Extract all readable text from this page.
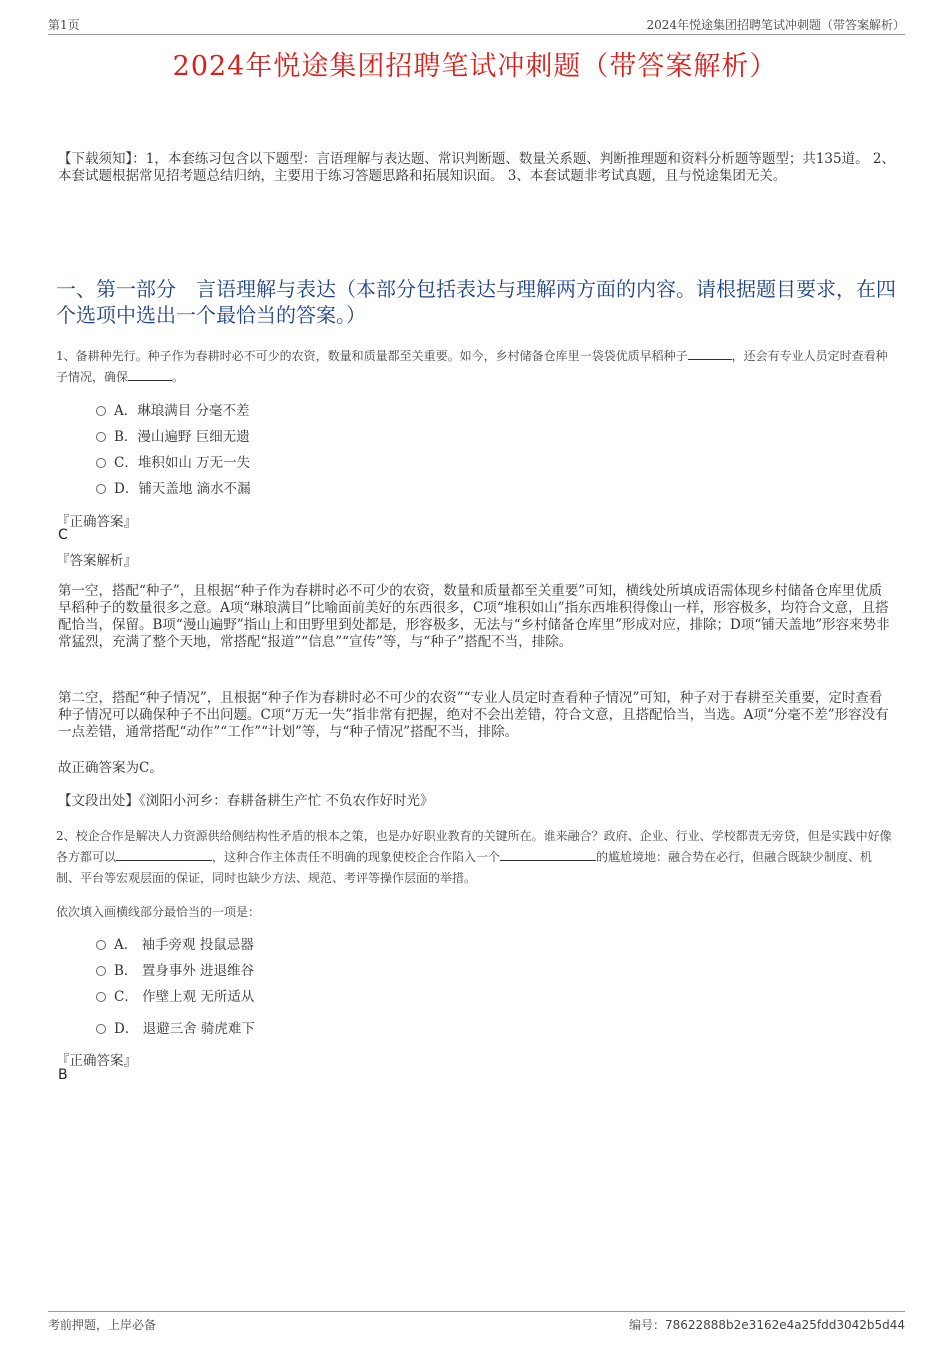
第1页	2024年悦途集团招聘笔试冲刺题（带答案解析）
2024年悦途集团招聘笔试冲刺题（带答案解析）
【下载须知】：1，本套练习包含以下题型：言语理解与表达题、常识判断题、数量关系题、判断推理题和资料分析题等题型；共135道。 2、本套试题根据常见招考题总结归纳，主要用于练习答题思路和拓展知识面。 3、本套试题非考试真题，且与悦途集团无关。
一、第一部分　言语理解与表达（本部分包括表达与理解两方面的内容。请根据题目要求，在四个选项中选出一个最恰当的答案。）
1、备耕种先行。种子作为春耕时必不可少的农资，数量和质量都至关重要。如今，乡村储备仓库里一袋袋优质早稻种子	，还会有专业人员定时查看种子情况，确保	。
A．琳琅满目 分毫不差
B．漫山遍野 巨细无遗
C．堆积如山 万无一失
D．铺天盖地 滴水不漏
『正确答案』
C
『答案解析』
第一空，搭配“种子”，且根据“种子作为春耕时必不可少的农资，数量和质量都至关重要”可知，横线处所填成语需体现乡村储备仓库里优质早稻种子的数量很多之意。A项“琳琅满目”比喻面前美好的东西很多，C项“堆积如山”指东西堆积得像山一样，形容极多，均符合文意，且搭配恰当，保留。B项“漫山遍野”指山上和田野里到处都是，形容极多，无法与“乡村储备仓库里”形成对应，排除；D项“铺天盖地”形容来势非常猛烈，充满了整个天地，常搭配“报道”“信息”“宣传”等，与“种子”搭配不当，排除。
第二空，搭配“种子情况”，且根据“种子作为春耕时必不可少的农资”“专业人员定时查看种子情况”可知，种子对于春耕至关重要，定时查看种子情况可以确保种子不出问题。C项“万无一失”指非常有把握，绝对不会出差错，符合文意，且搭配恰当，当选。A项“分毫不差”形容没有一点差错，通常搭配“动作”“工作”“计划”等，与“种子情况”搭配不当，排除。
故正确答案为C。
【文段出处】《浏阳小河乡：春耕备耕生产忙 不负农作好时光》
2、校企合作是解决人力资源供给侧结构性矛盾的根本之策，也是办好职业教育的关键所在。谁来融合？政府、企业、行业、学校都责无旁贷，但是实践中好像各方都可以	，这种合作主体责任不明确的现象使校企合作陷入一个	的尴尬境地：融合势在必行，但融合既缺少制度、机制、平台等宏观层面的保证，同时也缺少方法、规范、考评等操作层面的举措。
依次填入画横线部分最恰当的一项是：
A． 袖手旁观 投鼠忌器
B． 置身事外 进退维谷
C． 作壁上观 无所适从
D． 退避三舍 骑虎难下
『正确答案』
B
考前押题，上岸必备	编号：78622888b2e3162e4a25fdd3042b5d44
